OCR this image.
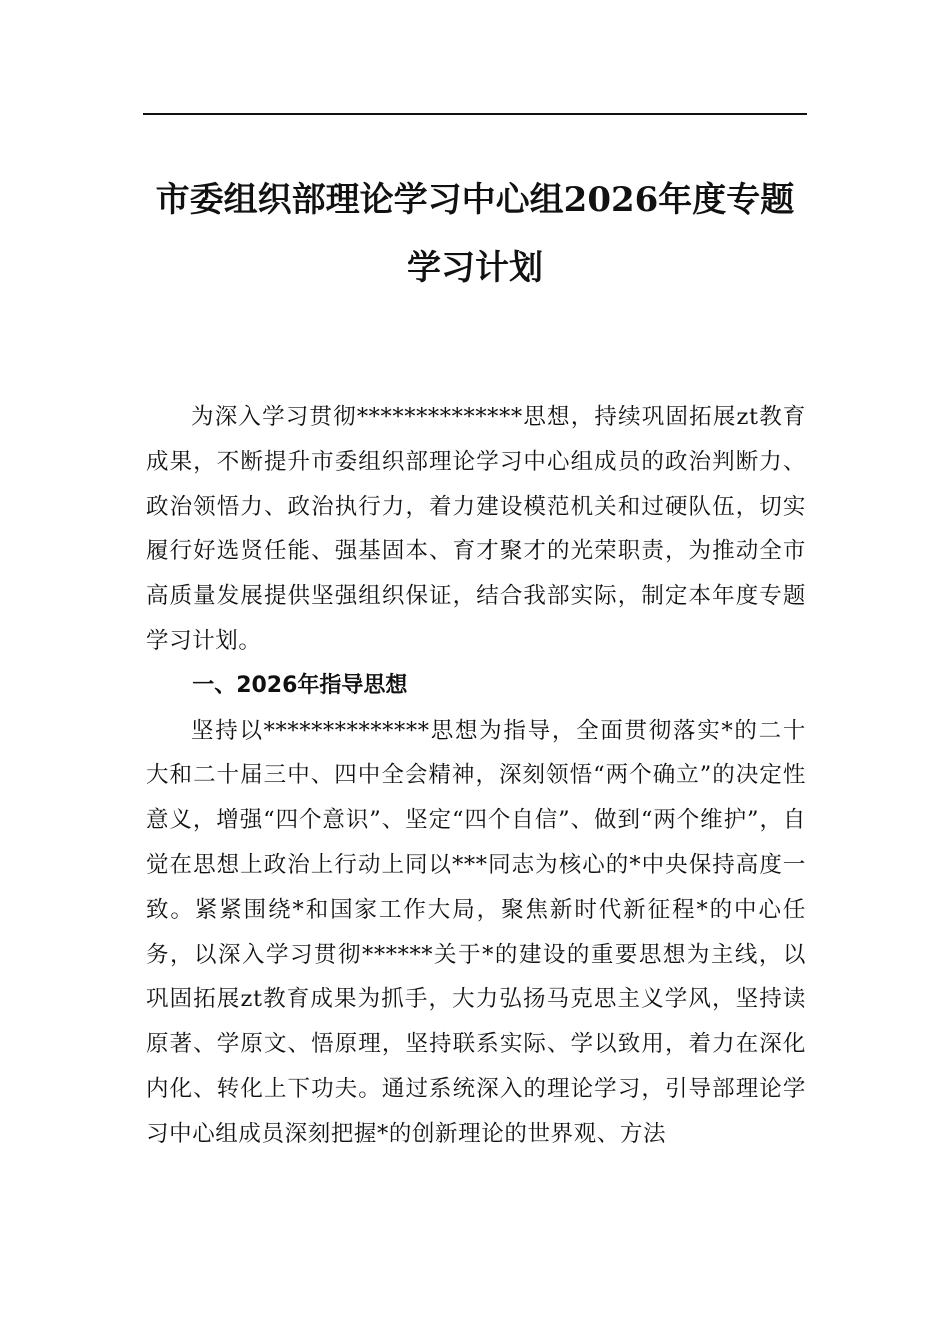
市委组织部理论学习中心组2026年度专题
学习计划

为深入学习贯彻**************思想，持续巩固拓展zt教育成果，不断提升市委组织部理论学习中心组成员的政治判断力、政治领悟力、政治执行力，着力建设模范机关和过硬队伍，切实履行好选贤任能、强基固本、育才聚才的光荣职责，为推动全市高质量发展提供坚强组织保证，结合我部实际，制定本年度专题学习计划。

一、2026年指导思想

坚持以**************思想为指导，全面贯彻落实*的二十大和二十届三中、四中全会精神，深刻领悟“两个确立”的决定性意义，增强“四个意识”、坚定“四个自信”、做到“两个维护”，自觉在思想上政治上行动上同以***同志为核心的*中央保持高度一致。紧紧围绕*和国家工作大局，聚焦新时代新征程*的中心任务，以深入学习贯彻******关于*的建设的重要思想为主线，以巩固拓展zt教育成果为抓手，大力弘扬马克思主义学风，坚持读原著、学原文、悟原理，坚持联系实际、学以致用，着力在深化内化、转化上下功夫。通过系统深入的理论学习，引导部理论学习中心组成员深刻把握*的创新理论的世界观、方法
